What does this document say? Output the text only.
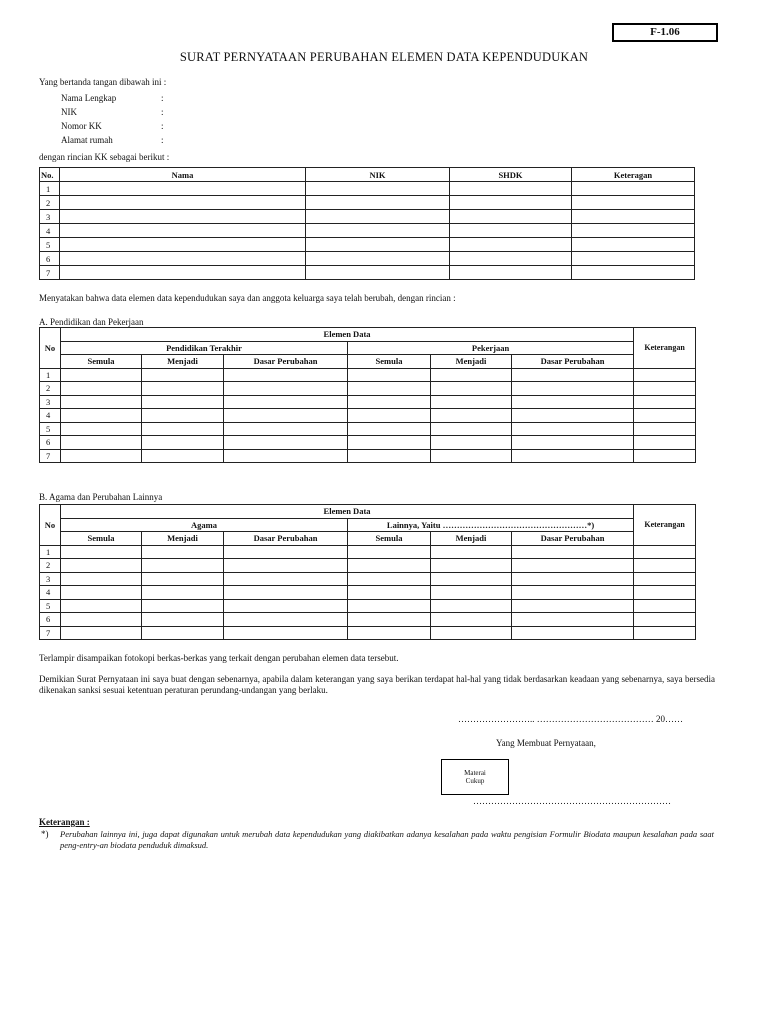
F-1.06
SURAT PERNYATAAN PERUBAHAN ELEMEN DATA KEPENDUDUKAN
Yang bertanda tangan dibawah ini :
Nama Lengkap	:
NIK	:
Nomor KK	:
Alamat rumah	:
dengan rincian KK sebagai berikut :
No.	Nama	NIK	SHDK	Keteragan
1				
2				
3				
4				
5				
6				
7				
Menyatakan bahwa data elemen data kependudukan saya dan anggota keluarga saya telah berubah, dengan rincian :
A. Pendidikan dan Pekerjaan
No	Elemen Data						Keterangan
	Pendidikan Terakhir			Pekerjaan			
	Semula	Menjadi	Dasar Perubahan	Semula	Menjadi	Dasar Perubahan	
1							
2							
3							
4							
5							
6							
7							
B. Agama dan Perubahan Lainnya
No	Elemen Data						Keterangan
	Agama			Lainnya, Yaitu ……………………………………………*)			
	Semula	Menjadi	Dasar Perubahan	Semula	Menjadi	Dasar Perubahan	
1							
2							
3							
4							
5							
6							
7							
Terlampir disampaikan fotokopi berkas-berkas yang terkait dengan perubahan elemen data tersebut.
Demikian Surat Pernyataan ini saya buat dengan sebenarnya, apabila dalam keterangan yang saya berikan terdapat hal-hal yang tidak berdasarkan keadaan yang sebenarnya, saya bersedia dikenakan sanksi sesuai ketentuan peraturan perundang-undangan yang berlaku.
…………………….. ………………………………… 20……
Yang Membuat Pernyataan,
Materai
Cukup
…………………………………………………………
Keterangan :
*) Perubahan lainnya ini, juga dapat digunakan untuk merubah data kependudukan yang diakibatkan adanya kesalahan pada waktu pengisian Formulir Biodata maupun kesalahan pada saat peng-entry-an biodata penduduk dimaksud.
